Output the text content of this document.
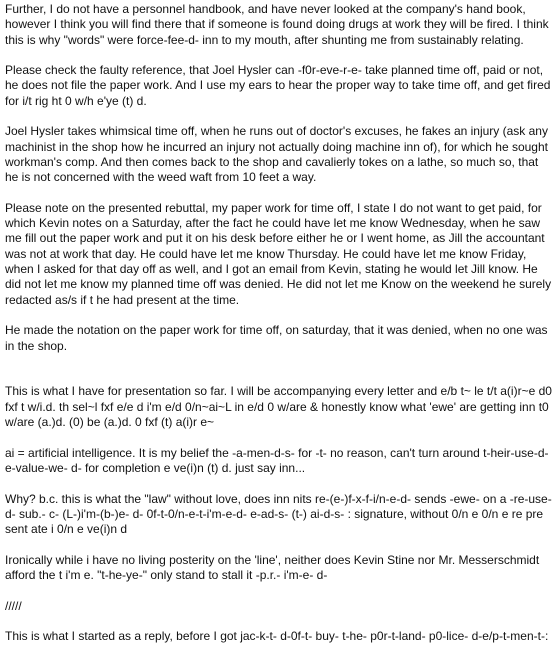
Further, I do not have a personnel handbook, and have never looked at the company's hand book, however I think you will find there that if someone is found doing drugs at work they will be fired. I think this is why "words" were force-fee-d- inn to my mouth, after shunting me from sustainably relating.

Please check the faulty reference, that Joel Hysler can -f0r-eve-r-e- take planned time off, paid or not, he does not file the paper work. And I use my ears to hear the proper way to take time off, and get fired for i/t rig ht 0 w/h e'ye (t) d.

Joel Hysler takes whimsical time off, when he runs out of doctor's excuses, he fakes an injury (ask any machinist in the shop how he incurred an injury not actually doing machine inn of), for which he sought workman's comp. And then comes back to the shop and cavalierly tokes on a lathe, so much so, that he is not concerned with the weed waft from 10 feet a way.

Please note on the presented rebuttal, my paper work for time off, I state I do not want to get paid, for which Kevin notes on a Saturday, after the fact he could have let me know Wednesday, when he saw me fill out the paper work and put it on his desk before either he or I went home, as Jill the accountant was not at work that day. He could have let me know Thursday. He could have let me know Friday, when I asked for that day off as well, and I got an email from Kevin, stating he would let Jill know. He did not let me know my planned time off was denied. He did not let me Know on the weekend he surely redacted as/s if t he had present at the time.

He made the notation on the paper work for time off, on saturday, that it was denied, when no one was in the shop.

This is what I have for presentation so far. I will be accompanying every letter and e/b t~ le t/t a(i)r~e d0 fxf t w/i.d. th sel~l fxf e/e d i'm e/d 0/n~ai~L in e/d 0 w/are & honestly know what 'ewe' are getting inn t0 w/are (a.)d. (0) be (a.)d. 0 fxf (t) a(i)r e~

ai = artificial intelligence. It is my belief the -a-men-d-s- for -t- no reason, can't turn around t-heir-use-d-e-value-we- d- for completion e ve(i)n (t) d. just say inn...

Why? b.c. this is what the "law" without love, does inn nits re-(e-)f-x-f-i/n-e-d- sends -ewe- on a -re-use- d- sub.- c- (L-)i'm-(b-)e- d- 0f-t-0/n-e-t-i'm-e-d- e-ad-s- (t-) ai-d-s- : signature, without 0/n e 0/n e re pre sent ate i 0/n e ve(i)n d

Ironically while i have no living posterity on the 'line', neither does Kevin Stine nor Mr. Messerschmidt afford the t i'm e. "t-he-ye-" only stand to stall it -p.r.- i'm-e- d-

/////

This is what I started as a reply, before I got jac-k-t- d-0f-t- buy- t-he- p0r-t-land- p0-lice- d-e/p-t-men-t-:
